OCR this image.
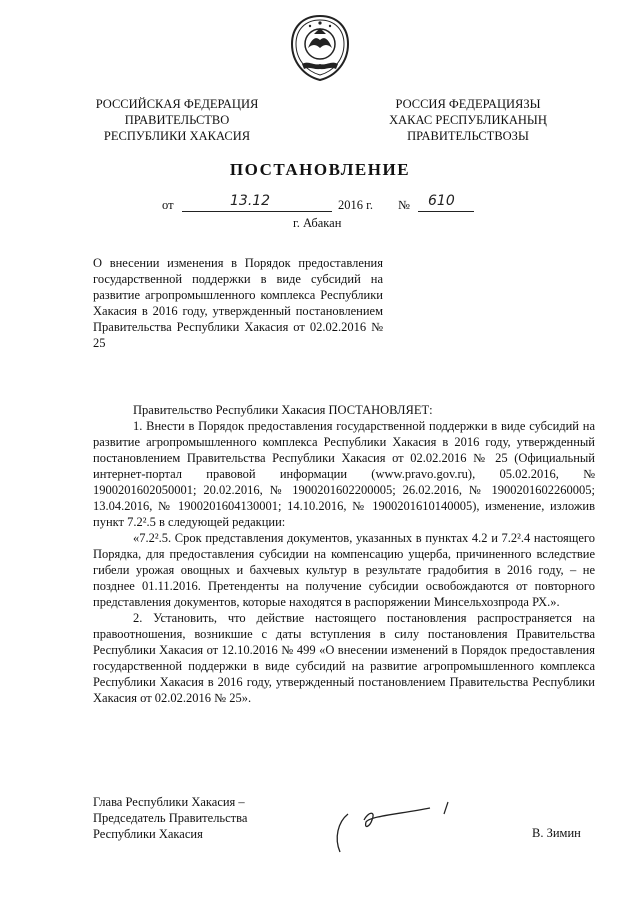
РОССИЙСКАЯ ФЕДЕРАЦИЯ
ПРАВИТЕЛЬСТВО
РЕСПУБЛИКИ ХАКАСИЯ
РОССИЯ ФЕДЕРАЦИЯЗЫ
ХАКАС РЕСПУБЛИКАНЫҢ
ПРАВИТЕЛЬСТВОЗЫ
ПОСТАНОВЛЕНИЕ
от	13.12	2016 г. № 610
г. Абакан
О внесении изменения в Порядок предоставления государственной поддержки в виде субсидий на развитие агропромышленного комплекса Республики Хакасия в 2016 году, утвержденный постановлением Правительства Республики Хакасия от 02.02.2016 № 25

Правительство Республики Хакасия ПОСТАНОВЛЯЕТ:

1. Внести в Порядок предоставления государственной поддержки в виде субсидий на развитие агропромышленного комплекса Республики Хакасия в 2016 году, утвержденный постановлением Правительства Республики Хакасия от 02.02.2016 № 25 (Официальный интернет-портал правовой информации (www.pravo.gov.ru), 05.02.2016, № 1900201602050001; 20.02.2016, № 1900201602200005; 26.02.2016, № 1900201602260005; 13.04.2016, № 1900201604130001; 14.10.2016, № 1900201610140005), изменение, изложив пункт 7.2².5 в следующей редакции:

«7.2².5. Срок представления документов, указанных в пунктах 4.2 и 7.2².4 настоящего Порядка, для предоставления субсидии на компенсацию ущерба, причиненного вследствие гибели урожая овощных и бахчевых культур в результате градобития в 2016 году, – не позднее 01.11.2016. Претенденты на получение субсидии освобождаются от повторного представления документов, которые находятся в распоряжении Минсельхозпрода РХ.».

2. Установить, что действие настоящего постановления распространяется на правоотношения, возникшие с даты вступления в силу постановления Правительства Республики Хакасия от 12.10.2016 № 499 «О внесении изменений в Порядок предоставления государственной поддержки в виде субсидий на развитие агропромышленного комплекса Республики Хакасия в 2016 году, утвержденный постановлением Правительства Республики Хакасия от 02.02.2016 № 25».

Глава Республики Хакасия –
Председатель Правительства
Республики Хакасия	В. Зимин
